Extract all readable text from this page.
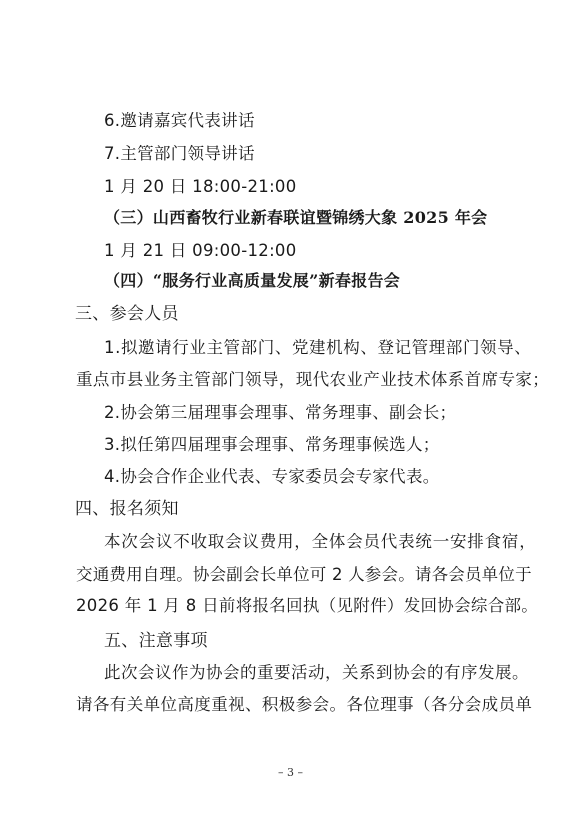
6.邀请嘉宾代表讲话
7.主管部门领导讲话
1 月 20 日 18:00-21:00
（三）山西畜牧行业新春联谊暨锦绣大象 2025 年会
1 月 21 日 09:00-12:00
（四）“服务行业高质量发展”新春报告会
三、参会人员
1.拟邀请行业主管部门、党建机构、登记管理部门领导、
重点市县业务主管部门领导，现代农业产业技术体系首席专家；
2.协会第三届理事会理事、常务理事、副会长；
3.拟任第四届理事会理事、常务理事候选人；
4.协会合作企业代表、专家委员会专家代表。
四、报名须知
本次会议不收取会议费用，全体会员代表统一安排食宿，
交通费用自理。协会副会长单位可 2 人参会。请各会员单位于
2026 年 1 月 8 日前将报名回执（见附件）发回协会综合部。
五、注意事项
此次会议作为协会的重要活动，关系到协会的有序发展。
请各有关单位高度重视、积极参会。各位理事（各分会成员单
– 3 –
